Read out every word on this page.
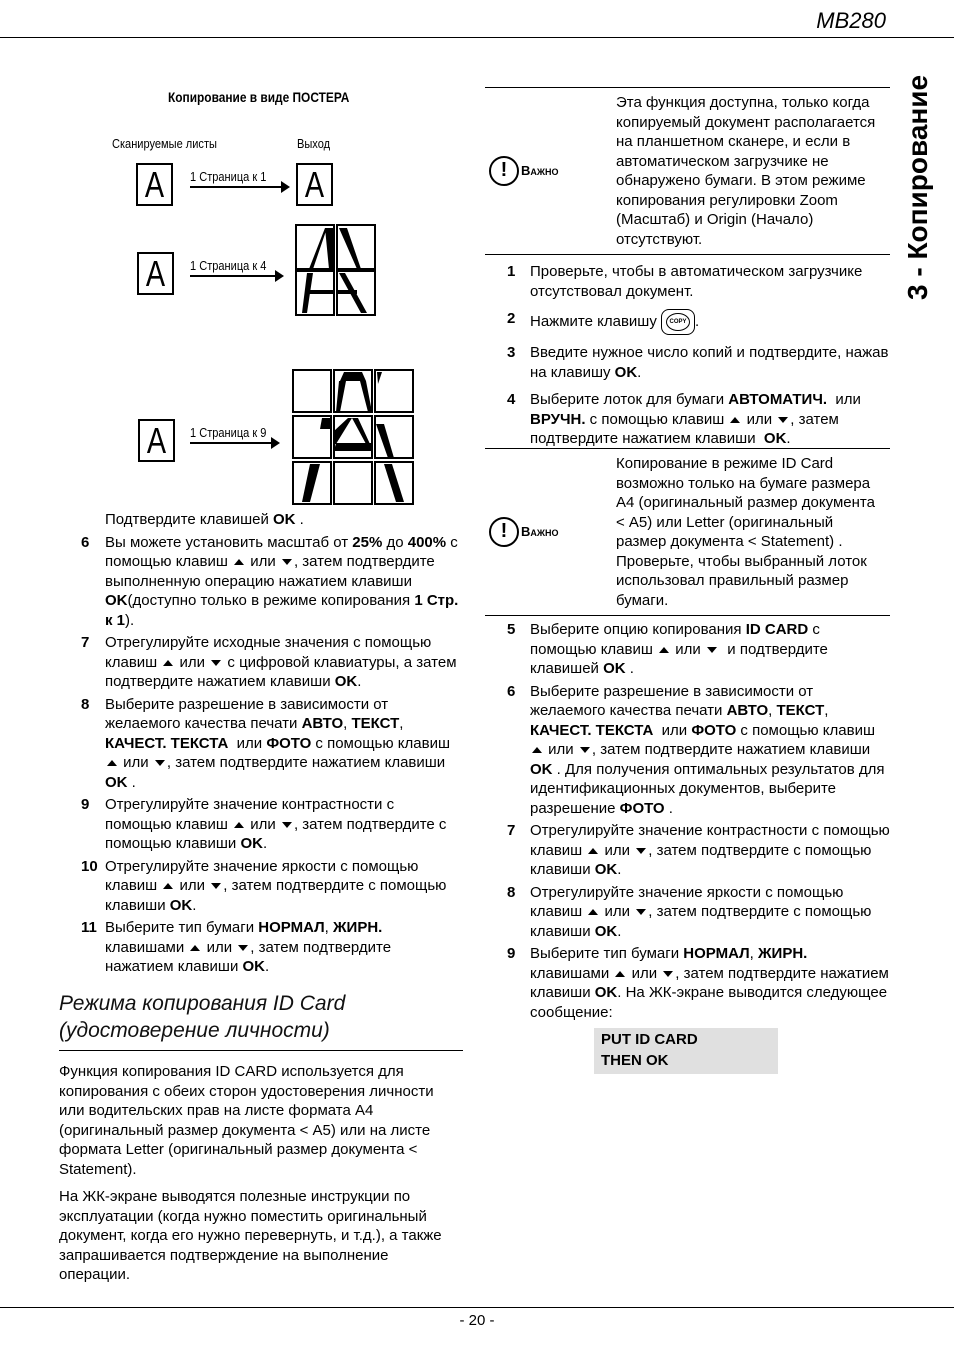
MB280
3 - Копирование
- 20 -
Копирование в виде ПОСТЕРА
Сканируемые листы	Выход
A 1 Страница к 1 A
A 1 Страница к 4
A 1 Страница к 9
Подтвердите клавишей OK .
6 Вы можете установить масштаб от 25% до 400% с помощью клавиш  или , затем подтвердите выполненную операцию нажатием клавиши OK(доступно только в режиме копирования 1 Стр.  к 1).
7 Отрегулируйте исходные значения с помощью клавиш  или  с цифровой клавиатуры, а затем подтвердите нажатием клавиши OK.
8 Выберите разрешение в зависимости от желаемого качества печати АВТО, ТЕКСТ, КАЧЕСТ. ТЕКСТА  или ФОТО с помощью клавиш  или , затем подтвердите нажатием клавиши OK .
9 Отрегулируйте значение контрастности с помощью клавиш  или , затем подтвердите с помощью клавиши OK.
10 Отрегулируйте значение яркости с помощью клавиш  или , затем подтвердите с помощью клавиши OK.
11 Выберите тип бумаги НОРМАЛ, ЖИРН. клавишами  или , затем подтвердите нажатием клавиши OK.
Режима копирования ID Card (удостоверение личности)
Функция копирования ID CARD используется для копирования с обеих сторон удостоверения личности или водительских прав на листе формата A4 (оригинальный размер документа < A5) или на листе формата Letter (оригинальный размер документа < Statement).
На ЖК-экране выводятся полезные инструкции по эксплуатации (когда нужно поместить оригинальный документ, когда его нужно перевернуть, и т.д.), а также запрашивается подтверждение на выполнение операции.
!	Важно
Эта функция доступна, только когда копируемый документ располагается на планшетном сканере, и если в автоматическом загрузчике не обнаружено бумаги. В этом режиме копирования регулировки Zoom (Масштаб) и Origin (Начало) отсутствуют.
1 Проверьте, чтобы в автоматическом загрузчике отсутствовал документ.
2 Нажмите клавишу	COPY .
3 Введите нужное число копий и подтвердите, нажав на клавишу OK.
4 Выберите лоток для бумаги АВТОМАТИЧ.  или ВРУЧН. с помощью клавиш  или , затем подтвердите нажатием клавиши  OK.
!	Важно
Копирование в режиме ID Card возможно только на бумаге размера A4 (оригинальный размер документа < A5) или Letter (оригинальный размер документа < Statement) . Проверьте, чтобы выбранный лоток использовал правильный размер бумаги.
5 Выберите опцию копирования ID CARD с помощью клавиш  или   и подтвердите клавишей OK .
6 Выберите разрешение в зависимости от желаемого качества печати АВТО, ТЕКСТ, КАЧЕСТ. ТЕКСТА  или ФОТО с помощью клавиш  или , затем подтвердите нажатием клавиши OK . Для получения оптимальных результатов для идентификационных документов, выберите разрешение ФОТО .
7 Отрегулируйте значение контрастности с помощью клавиш  или , затем подтвердите с помощью клавиши OK.
8 Отрегулируйте значение яркости с помощью клавиш  или , затем подтвердите с помощью клавиши OK.
9 Выберите тип бумаги НОРМАЛ, ЖИРН. клавишами  или , затем подтвердите нажатием клавиши OK. На ЖК-экране выводится следующее сообщение:
PUT ID CARD
THEN OK
